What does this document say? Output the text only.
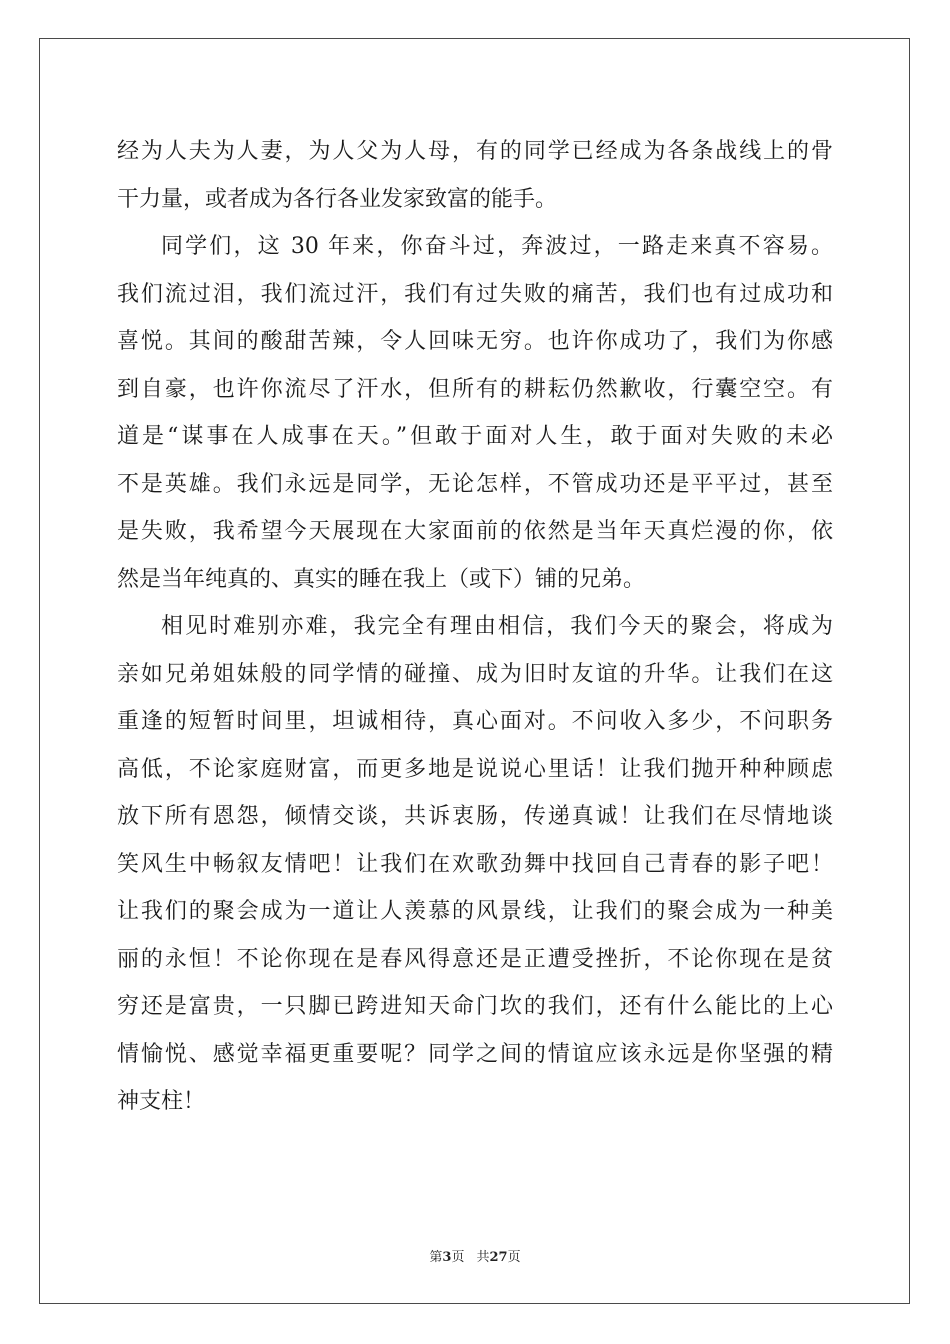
经为人夫为人妻，为人父为人母，有的同学已经成为各条战线上的骨
干力量，或者成为各行各业发家致富的能手。
同学们，这 30 年来，你奋斗过，奔波过，一路走来真不容易。
我们流过泪，我们流过汗，我们有过失败的痛苦，我们也有过成功和
喜悦。其间的酸甜苦辣，令人回味无穷。也许你成功了，我们为你感
到自豪，也许你流尽了汗水，但所有的耕耘仍然歉收，行囊空空。有
道是“谋事在人成事在天。”但敢于面对人生，敢于面对失败的未必
不是英雄。我们永远是同学，无论怎样，不管成功还是平平过，甚至
是失败，我希望今天展现在大家面前的依然是当年天真烂漫的你，依
然是当年纯真的、真实的睡在我上（或下）铺的兄弟。
相见时难别亦难，我完全有理由相信，我们今天的聚会，将成为
亲如兄弟姐妹般的同学情的碰撞、成为旧时友谊的升华。让我们在这
重逢的短暂时间里，坦诚相待，真心面对。不问收入多少，不问职务
高低，不论家庭财富，而更多地是说说心里话！让我们抛开种种顾虑
放下所有恩怨，倾情交谈，共诉衷肠，传递真诚！让我们在尽情地谈
笑风生中畅叙友情吧！让我们在欢歌劲舞中找回自己青春的影子吧！
让我们的聚会成为一道让人羡慕的风景线，让我们的聚会成为一种美
丽的永恒！不论你现在是春风得意还是正遭受挫折，不论你现在是贫
穷还是富贵，一只脚已跨进知天命门坎的我们，还有什么能比的上心
情愉悦、感觉幸福更重要呢？同学之间的情谊应该永远是你坚强的精
神支柱！
第3页 共27页
